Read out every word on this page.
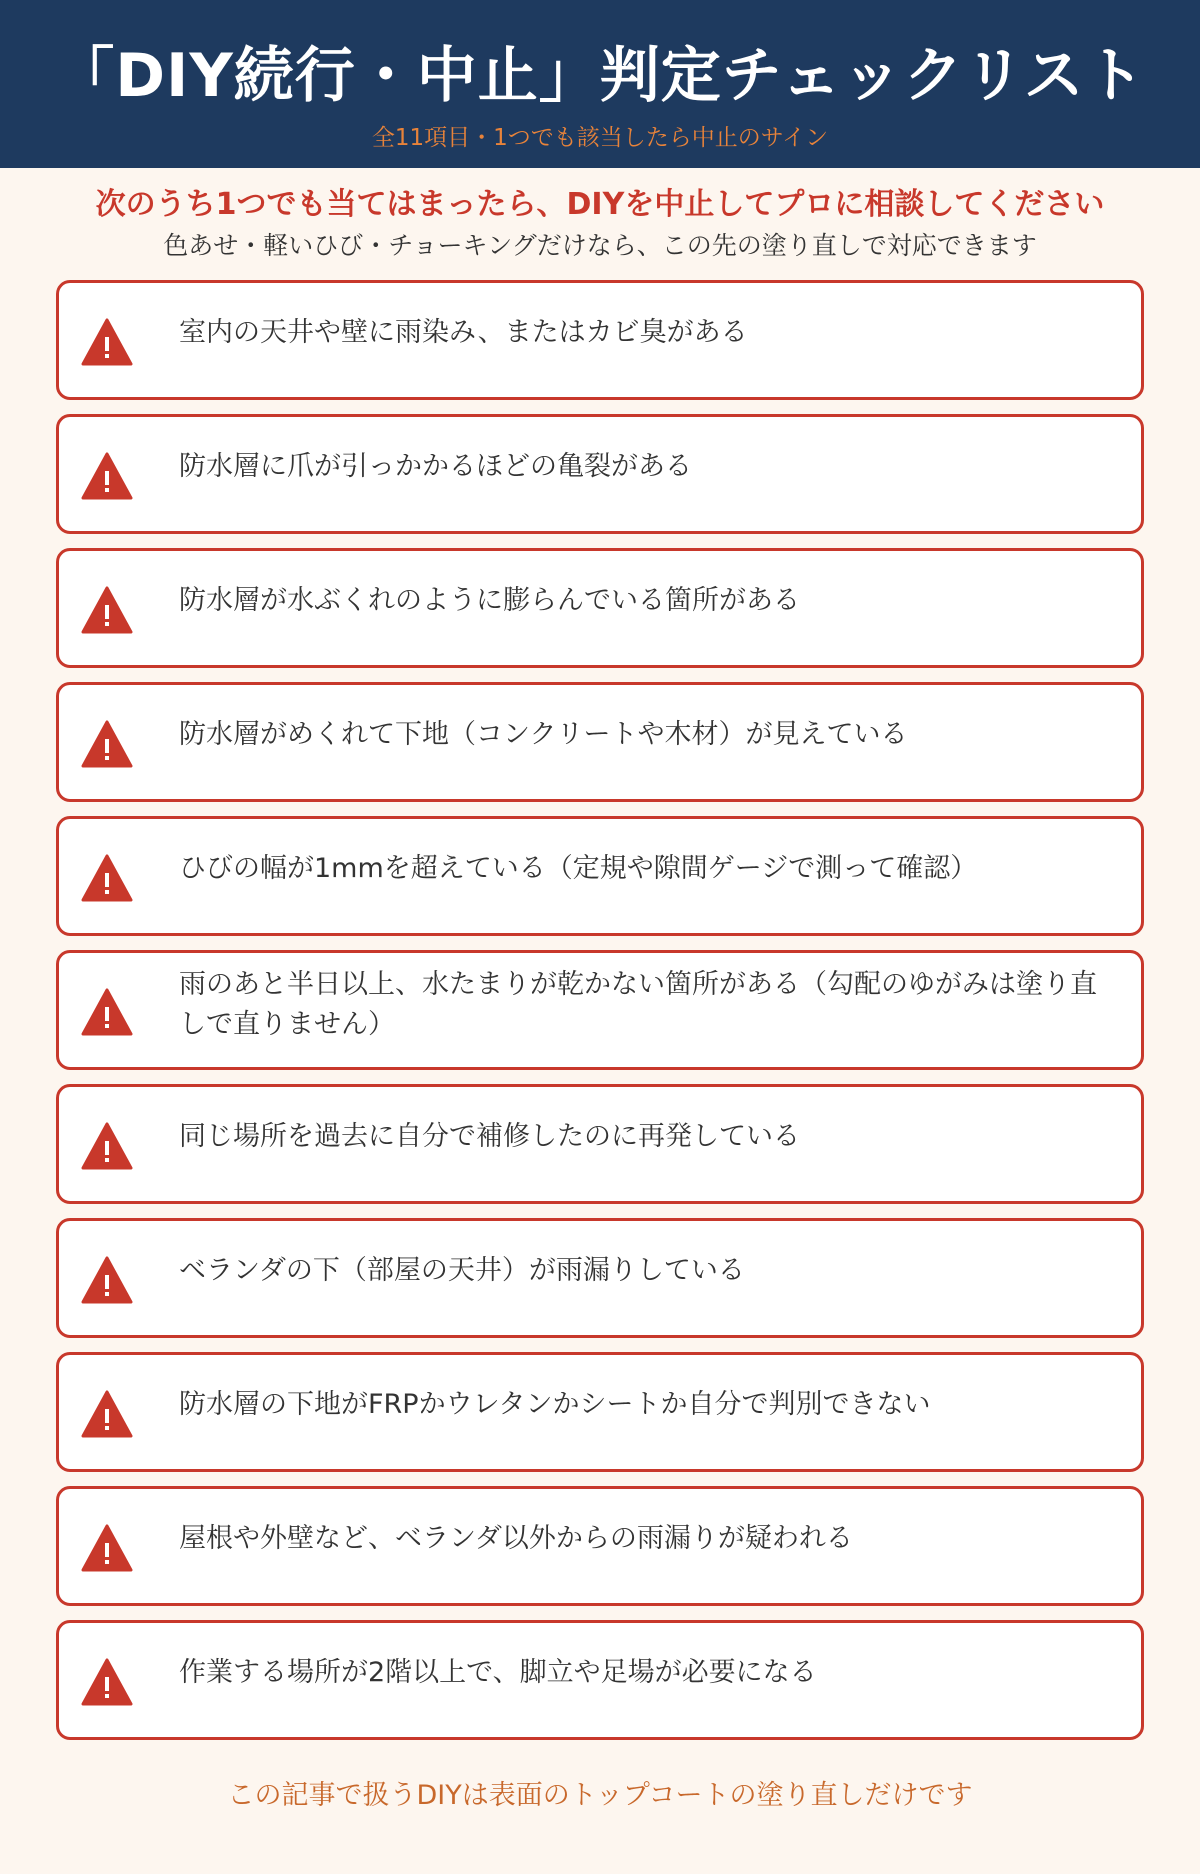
「DIY続行・中止」判定チェックリスト
全11項目・1つでも該当したら中止のサイン
次のうち1つでも当てはまったら、DIYを中止してプロに相談してください
色あせ・軽いひび・チョーキングだけなら、この先の塗り直しで対応できます
室内の天井や壁に雨染み、またはカビ臭がある
防水層に爪が引っかかるほどの亀裂がある
防水層が水ぶくれのように膨らんでいる箇所がある
防水層がめくれて下地（コンクリートや木材）が見えている
ひびの幅が1mmを超えている（定規や隙間ゲージで測って確認）
雨のあと半日以上、水たまりが乾かない箇所がある（勾配のゆがみは塗り直しで直りません）
同じ場所を過去に自分で補修したのに再発している
ベランダの下（部屋の天井）が雨漏りしている
防水層の下地がFRPかウレタンかシートか自分で判別できない
屋根や外壁など、ベランダ以外からの雨漏りが疑われる
作業する場所が2階以上で、脚立や足場が必要になる
この記事で扱うDIYは表面のトップコートの塗り直しだけです
